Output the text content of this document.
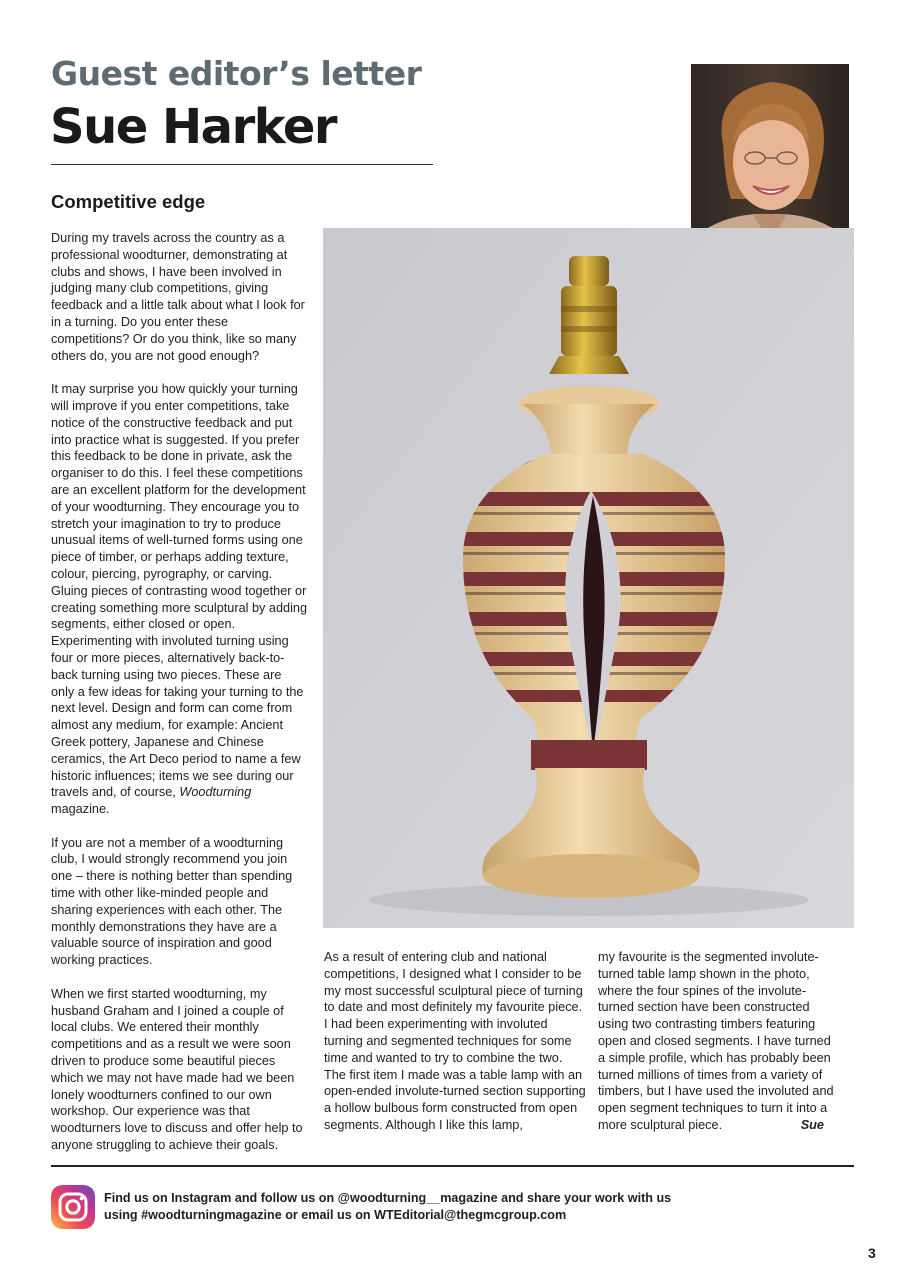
Guest editor’s letter
Sue Harker
Competitive edge

During my travels across the country as a professional woodturner, demonstrating at clubs and shows, I have been involved in judging many club competitions, giving feedback and a little talk about what I look for in a turning. Do you enter these competitions? Or do you think, like so many others do, you are not good enough?

It may surprise you how quickly your turning will improve if you enter competitions, take notice of the constructive feedback and put into practice what is suggested. If you prefer this feedback to be done in private, ask the organiser to do this. I feel these competitions are an excellent platform for the development of your woodturning. They encourage you to stretch your imagination to try to produce unusual items of well-turned forms using one piece of timber, or perhaps adding texture, colour, piercing, pyrography, or carving. Gluing pieces of contrasting wood together or creating something more sculptural by adding segments, either closed or open. Experimenting with involuted turning using four or more pieces, alternatively back-to-back turning using two pieces. These are only a few ideas for taking your turning to the next level. Design and form can come from almost any medium, for example: Ancient Greek pottery, Japanese and Chinese ceramics, the Art Deco period to name a few historic influences; items we see during our travels and, of course, Woodturning magazine.

If you are not a member of a woodturning club, I would strongly recommend you join one – there is nothing better than spending time with other like-minded people and sharing experiences with each other. The monthly demonstrations they have are a valuable source of inspiration and good working practices.

When we first started woodturning, my husband Graham and I joined a couple of local clubs. We entered their monthly competitions and as a result we were soon driven to produce some beautiful pieces which we may not have made had we been lonely woodturners confined to our own workshop. Our experience was that woodturners love to discuss and offer help to anyone struggling to achieve their goals.

As a result of entering club and national competitions, I designed what I consider to be my most successful sculptural piece of turning to date and most definitely my favourite piece. I had been experimenting with involuted turning and segmented techniques for some time and wanted to try to combine the two. The first item I made was a table lamp with an open-ended involute-turned section supporting a hollow bulbous form constructed from open segments. Although I like this lamp,

my favourite is the segmented involute-turned table lamp shown in the photo, where the four spines of the involute-turned section have been constructed using two contrasting timbers featuring open and closed segments. I have turned a simple profile, which has probably been turned millions of times from a variety of timbers, but I have used the involuted and open segment techniques to turn it into a more sculptural piece.	Sue

Find us on Instagram and follow us on @woodturning__magazine and share your work with us using #woodturningmagazine or email us on WTEditorial@thegmcgroup.com
3
